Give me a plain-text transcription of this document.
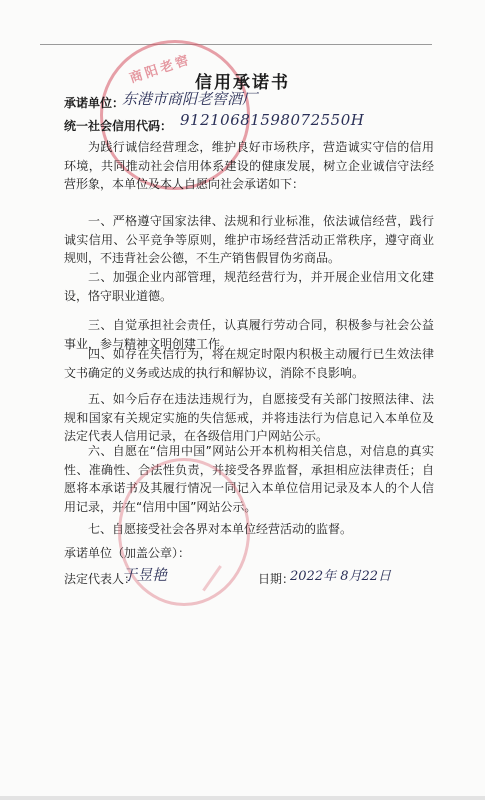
商阳老窖 信用承诺书
承诺单位：
东港市商阳老窖酒厂
统一社会信用代码： 91210681598072550H
为践行诚信经营理念，维护良好市场秩序，营造诚实守信的信用环境，共同推动社会信用体系建设的健康发展，树立企业诚信守法经营形象，本单位及本人自愿向社会承诺如下：
一、严格遵守国家法律、法规和行业标准，依法诚信经营，践行诚实信用、公平竞争等原则，维护市场经营活动正常秩序，遵守商业规则，不违背社会公德，不生产销售假冒伪劣商品。
二、加强企业内部管理，规范经营行为，并开展企业信用文化建设，恪守职业道德。
三、自觉承担社会责任，认真履行劳动合同，积极参与社会公益事业，参与精神文明创建工作。
四、如存在失信行为，将在规定时限内积极主动履行已生效法律文书确定的义务或达成的执行和解协议，消除不良影响。
五、如今后存在违法违规行为，自愿接受有关部门按照法律、法规和国家有关规定实施的失信惩戒，并将违法行为信息记入本单位及法定代表人信用记录，在各级信用门户网站公示。
六、自愿在“信用中国”网站公开本机构相关信息，对信息的真实性、准确性、合法性负责，并接受各界监督，承担相应法律责任；自愿将本承诺书及其履行情况一同记入本单位信用记录及本人的个人信用记录，并在“信用中国”网站公示。
七、自愿接受社会各界对本单位经营活动的监督。
承诺单位（加盖公章）：
法定代表人：
于昱艳	日期：
2022年 8月22日
